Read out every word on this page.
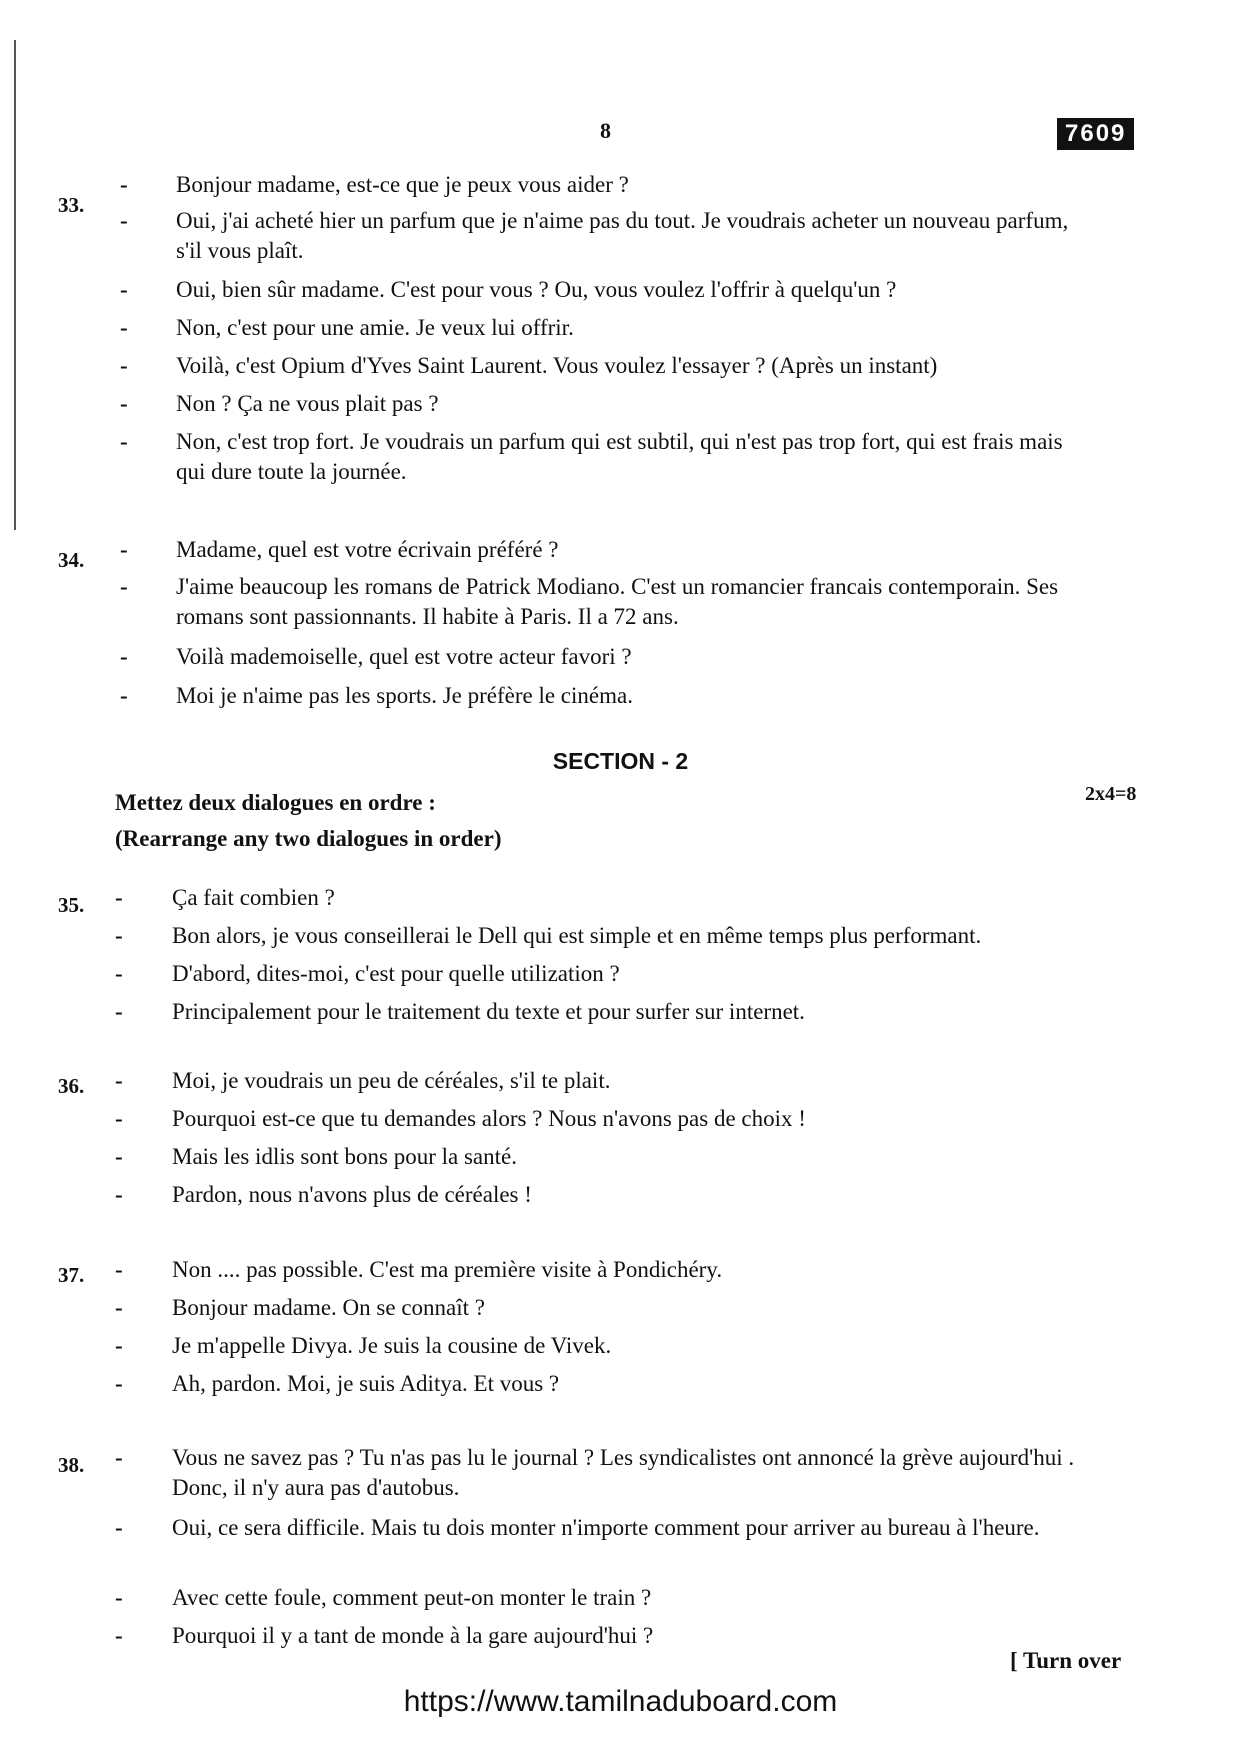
8	7609
33.
-	Bonjour madame, est-ce que je peux vous aider ?
-	Oui, j'ai acheté hier un parfum que je n'aime pas du tout. Je voudrais acheter un nouveau parfum, s'il vous plaît.
-	Oui, bien sûr madame. C'est pour vous ? Ou, vous voulez l'offrir à quelqu'un ?
-	Non, c'est pour une amie. Je veux lui offrir.
-	Voilà, c'est Opium d'Yves Saint Laurent. Vous voulez l'essayer ? (Après un instant)
-	Non ? Ça ne vous plait pas ?
-	Non, c'est trop fort. Je voudrais un parfum qui est subtil, qui n'est pas trop fort, qui est frais mais qui dure toute la journée.
34. -	Madame, quel est votre écrivain préféré ?
-	J'aime beaucoup les romans de Patrick Modiano. C'est un romancier francais contemporain. Ses romans sont passionnants. Il habite à Paris. Il a 72 ans.
-	Voilà mademoiselle, quel est votre acteur favori ?
-	Moi je n'aime pas les sports. Je préfère le cinéma.
SECTION - 2
2x4=8
Mettez deux dialogues en ordre :
(Rearrange any two dialogues in order)
35. -	Ça fait combien ?
-	Bon alors, je vous conseillerai le Dell qui est simple et en même temps plus performant.
-	D'abord, dites-moi, c'est pour quelle utilization ?
-	Principalement pour le traitement du texte et pour surfer sur internet.
36. -	Moi, je voudrais un peu de céréales, s'il te plait.
-	Pourquoi est-ce que tu demandes alors ? Nous n'avons pas de choix !
-	Mais les idlis sont bons pour la santé.
-	Pardon, nous n'avons plus de céréales !
37. -	Non .... pas possible. C'est ma première visite à Pondichéry.
-	Bonjour madame. On se connaît ?
-	Je m'appelle Divya. Je suis la cousine de Vivek.
-	Ah, pardon. Moi, je suis Aditya. Et vous ?
38. -	Vous ne savez pas ? Tu n'as pas lu le journal ? Les syndicalistes ont annoncé la grève aujourd'hui . Donc, il n'y aura pas d'autobus.
-	Oui, ce sera difficile. Mais tu dois monter n'importe comment pour arriver au bureau à l'heure.
-	Avec cette foule, comment peut-on monter le train ?
-	Pourquoi il y a tant de monde à la gare aujourd'hui ?
[ Turn over
https://www.tamilnaduboard.com
